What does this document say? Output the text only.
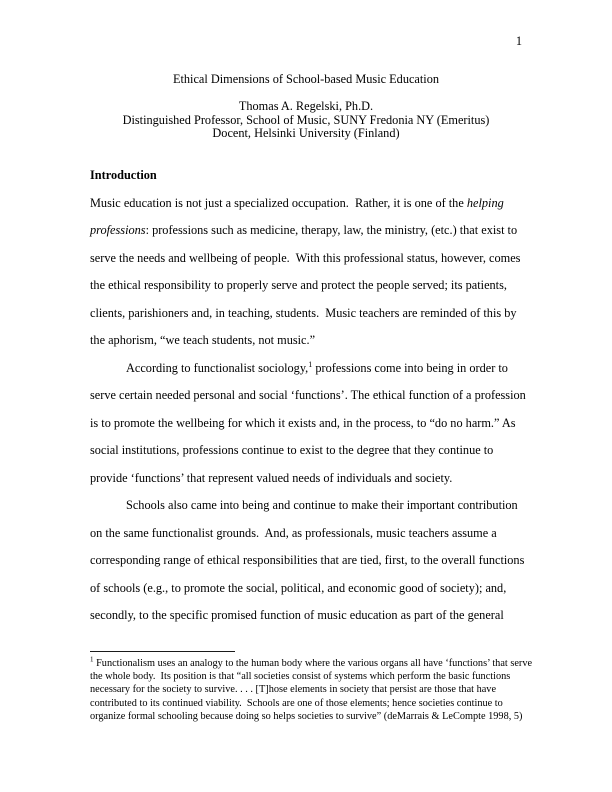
1
Ethical Dimensions of School-based Music Education
Thomas A. Regelski, Ph.D.
Distinguished Professor, School of Music, SUNY Fredonia NY (Emeritus)
Docent, Helsinki University (Finland)
Introduction
Music education is not just a specialized occupation.  Rather, it is one of the helping
professions: professions such as medicine, therapy, law, the ministry, (etc.) that exist to
serve the needs and wellbeing of people.  With this professional status, however, comes
the ethical responsibility to properly serve and protect the people served; its patients,
clients, parishioners and, in teaching, students.  Music teachers are reminded of this by
the aphorism, “we teach students, not music.”
According to functionalist sociology,$^1$ professions come into being in order to
serve certain needed personal and social ‘functions’. The ethical function of a profession
is to promote the wellbeing for which it exists and, in the process, to “do no harm.” As
social institutions, professions continue to exist to the degree that they continue to
provide ‘functions’ that represent valued needs of individuals and society.
Schools also came into being and continue to make their important contribution
on the same functionalist grounds.  And, as professionals, music teachers assume a
corresponding range of ethical responsibilities that are tied, first, to the overall functions
of schools (e.g., to promote the social, political, and economic good of society); and,
secondly, to the specific promised function of music education as part of the general
$^1$ Functionalism uses an analogy to the human body where the various organs all have ‘functions’ that serve
the whole body.  Its position is that “all societies consist of systems which perform the basic functions
necessary for the society to survive. . . . [T]hose elements in society that persist are those that have
contributed to its continued viability.  Schools are one of those elements; hence societies continue to
organize formal schooling because doing so helps societies to survive” (deMarrais & LeCompte 1998, 5)
